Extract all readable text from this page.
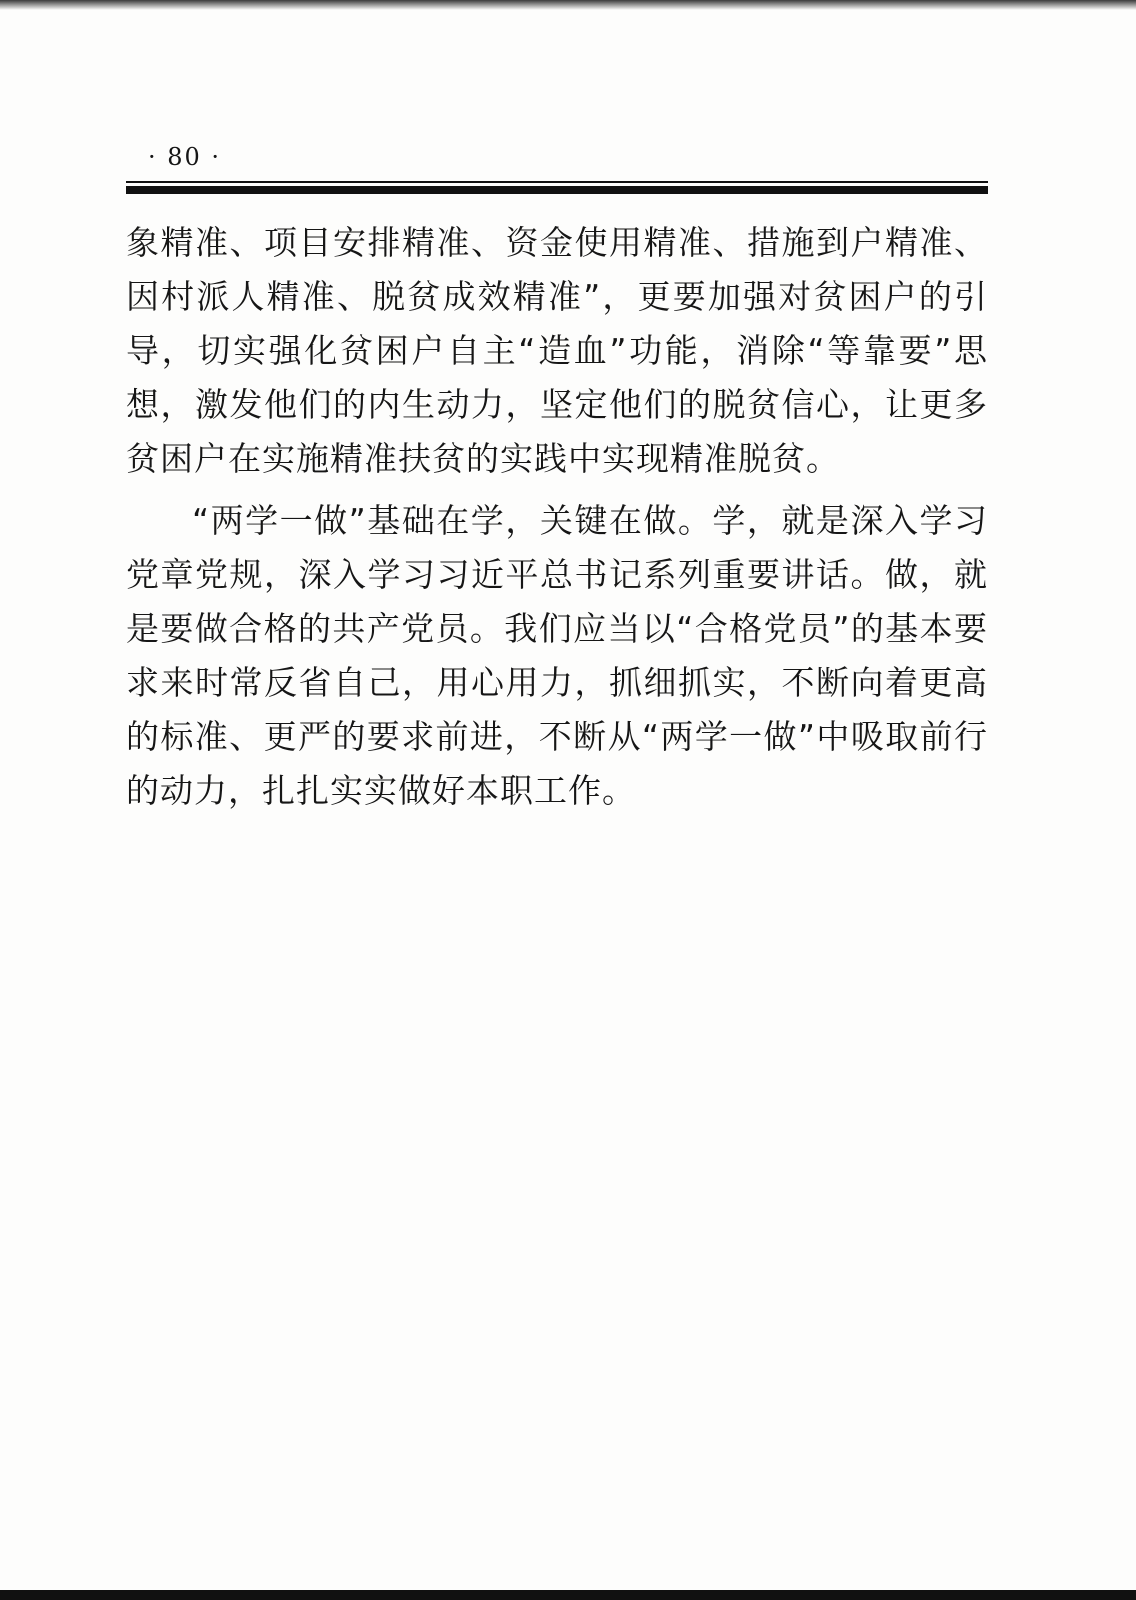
· 80 ·

象精准、项目安排精准、资金使用精准、措施到户精准、因村派人精准、脱贫成效精准”，更要加强对贫困户的引导，切实强化贫困户自主“造血”功能，消除“等靠要”思想，激发他们的内生动力，坚定他们的脱贫信心，让更多贫困户在实施精准扶贫的实践中实现精准脱贫。

“两学一做”基础在学，关键在做。学，就是深入学习党章党规，深入学习习近平总书记系列重要讲话。做，就是要做合格的共产党员。我们应当以“合格党员”的基本要求来时常反省自己，用心用力，抓细抓实，不断向着更高的标准、更严的要求前进，不断从“两学一做”中吸取前行的动力，扎扎实实做好本职工作。
